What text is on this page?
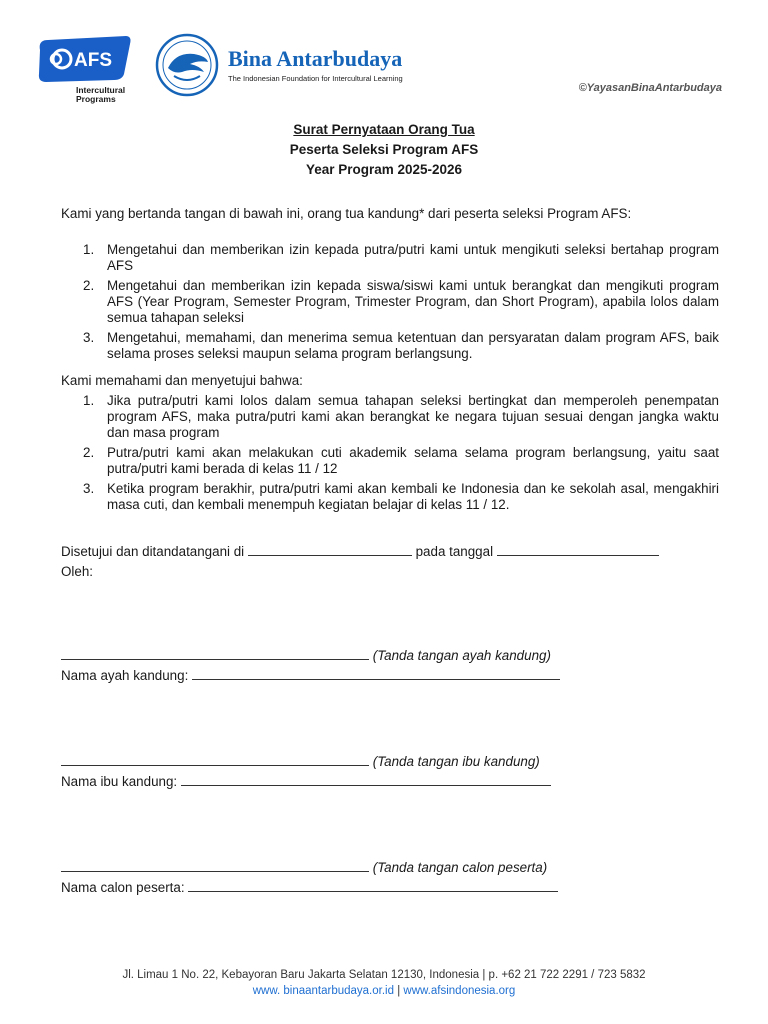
AFS
Intercultural
Programs
Bina Antarbudaya
The Indonesian Foundation for Intercultural Learning
©YayasanBinaAntarbudaya
Surat Pernyataan Orang Tua
Peserta Seleksi Program AFS
Year Program 2025-2026
Kami yang bertanda tangan di bawah ini, orang tua kandung* dari peserta seleksi Program AFS:
1. Mengetahui dan memberikan izin kepada putra/putri kami untuk mengikuti seleksi bertahap program AFS
2. Mengetahui dan memberikan izin kepada siswa/siswi kami untuk berangkat dan mengikuti program AFS (Year Program, Semester Program, Trimester Program, dan Short Program), apabila lolos dalam semua tahapan seleksi
3. Mengetahui, memahami, dan menerima semua ketentuan dan persyaratan dalam program AFS, baik selama proses seleksi maupun selama program berlangsung.
Kami memahami dan menyetujui bahwa:
1. Jika putra/putri kami lolos dalam semua tahapan seleksi bertingkat dan memperoleh penempatan program AFS, maka putra/putri kami akan berangkat ke negara tujuan sesuai dengan jangka waktu dan masa program
2. Putra/putri kami akan melakukan cuti akademik selama selama program berlangsung, yaitu saat putra/putri kami berada di kelas 11 / 12
3. Ketika program berakhir, putra/putri kami akan kembali ke Indonesia dan ke sekolah asal, mengakhiri masa cuti, dan kembali menempuh kegiatan belajar di kelas 11 / 12.
Disetujui dan ditandatangani di	pada tanggal
Oleh:
(Tanda tangan ayah kandung)
Nama ayah kandung:
(Tanda tangan ibu kandung)
Nama ibu kandung:
(Tanda tangan calon peserta)
Nama calon peserta:
Jl. Limau 1 No. 22, Kebayoran Baru Jakarta Selatan 12130, Indonesia | p. +62 21 722 2291 / 723 5832
www. binaantarbudaya.or.id | www.afsindonesia.org
